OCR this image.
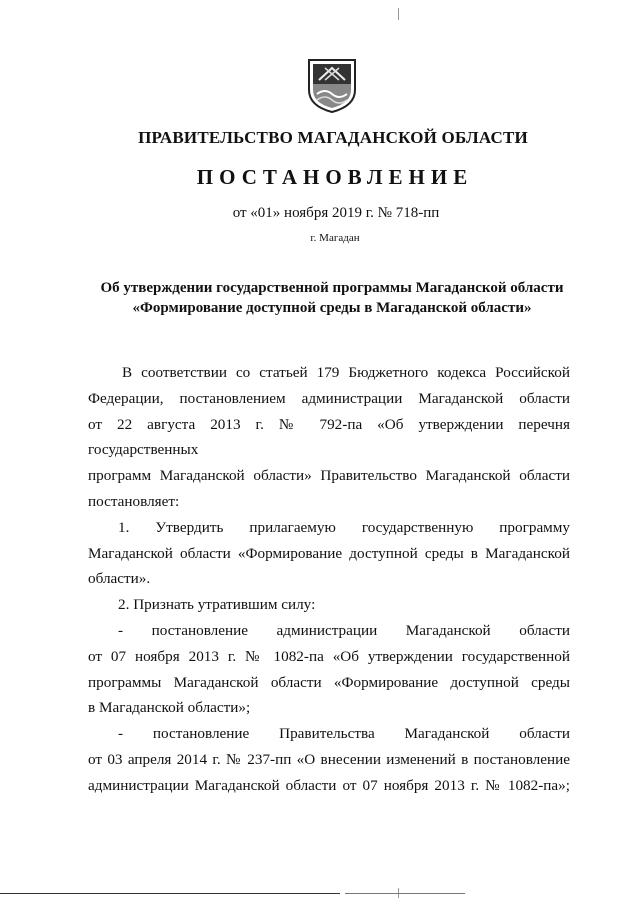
ПРАВИТЕЛЬСТВО МАГАДАНСКОЙ ОБЛАСТИ
ПОСТАНОВЛЕНИЕ
от «01» ноября 2019 г. № 718-пп
г. Магадан
Об утверждении государственной программы Магаданской области
«Формирование доступной среды в Магаданской области»

В соответствии со статьей 179 Бюджетного кодекса Российской

Федерации, постановлением администрации Магаданской области

от 22 августа 2013 г. № 792-па «Об утверждении перечня государственных

программ Магаданской области» Правительство Магаданской области

постановляет:

1. Утвердить прилагаемую государственную программу

Магаданской области «Формирование доступной среды в Магаданской

области».

2. Признать утратившим силу:

- постановление администрации Магаданской области

от 07 ноября 2013 г. № 1082-па «Об утверждении государственной

программы Магаданской области «Формирование доступной среды

в Магаданской области»;

- постановление Правительства Магаданской области

от 03 апреля 2014 г. № 237-пп «О внесении изменений в постановление

администрации Магаданской области от 07 ноября 2013 г. № 1082-па»;
